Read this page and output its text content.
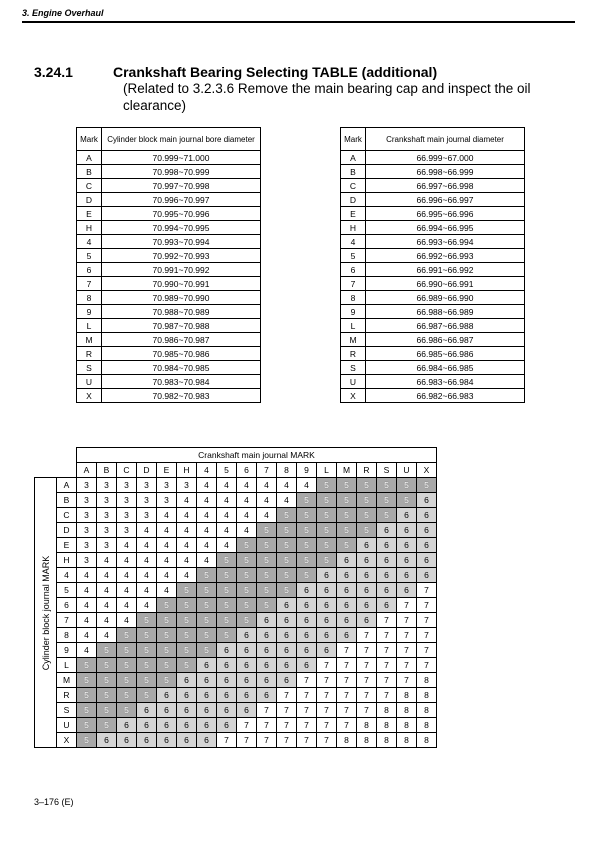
3. Engine Overhaul
3.24.1	Crankshaft Bearing Selecting TABLE (additional)
(Related to 3.2.3.6 Remove the main bearing cap and inspect the oil clearance)
Mark	Cylinder block main journal bore diameter
A	70.999~71.000
B	70.998~70.999
C	70.997~70.998
D	70.996~70.997
E	70.995~70.996
H	70.994~70.995
4	70.993~70.994
5	70.992~70.993
6	70.991~70.992
7	70.990~70.991
8	70.989~70.990
9	70.988~70.989
L	70.987~70.988
M	70.986~70.987
R	70.985~70.986
S	70.984~70.985
U	70.983~70.984
X	70.982~70.983
Mark	Crankshaft main journal diameter
A	66.999~67.000
B	66.998~66.999
C	66.997~66.998
D	66.996~66.997
E	66.995~66.996
H	66.994~66.995
4	66.993~66.994
5	66.992~66.993
6	66.991~66.992
7	66.990~66.991
8	66.989~66.990
9	66.988~66.989
L	66.987~66.988
M	66.986~66.987
R	66.985~66.986
S	66.984~66.985
U	66.983~66.984
X	66.982~66.983
		Crankshaft main journal MARK																	
		A	B	C	D	E	H	4	5	6	7	8	9	L	M	R	S	U	X

Cylinder block journal MARK	A	3	3	3	3	3	3	4	4	4	4	4	4	5	5	5	5	5	5
	B	3	3	3	3	3	4	4	4	4	4	4	5	5	5	5	5	5	6
	C	3	3	3	3	4	4	4	4	4	4	5	5	5	5	5	5	6	6
	D	3	3	3	4	4	4	4	4	4	5	5	5	5	5	5	6	6	6
	E	3	3	4	4	4	4	4	4	5	5	5	5	5	5	6	6	6	6
	H	3	4	4	4	4	4	4	5	5	5	5	5	5	6	6	6	6	6
	4	4	4	4	4	4	4	5	5	5	5	5	5	6	6	6	6	6	6
	5	4	4	4	4	4	5	5	5	5	5	5	6	6	6	6	6	6	7
	6	4	4	4	4	5	5	5	5	5	5	6	6	6	6	6	6	7	7
	7	4	4	4	5	5	5	5	5	5	6	6	6	6	6	6	7	7	7
	8	4	4	5	5	5	5	5	5	6	6	6	6	6	6	7	7	7	7
	9	4	5	5	5	5	5	5	6	6	6	6	6	6	7	7	7	7	7
	L	5	5	5	5	5	5	6	6	6	6	6	6	7	7	7	7	7	7
	M	5	5	5	5	5	6	6	6	6	6	6	7	7	7	7	7	7	8
	R	5	5	5	5	6	6	6	6	6	6	7	7	7	7	7	7	8	8
	S	5	5	5	6	6	6	6	6	6	7	7	7	7	7	7	8	8	8
	U	5	5	6	6	6	6	6	6	7	7	7	7	7	7	8	8	8	8
	X	5	6	6	6	6	6	6	7	7	7	7	7	7	8	8	8	8	8
3–176 (E)
